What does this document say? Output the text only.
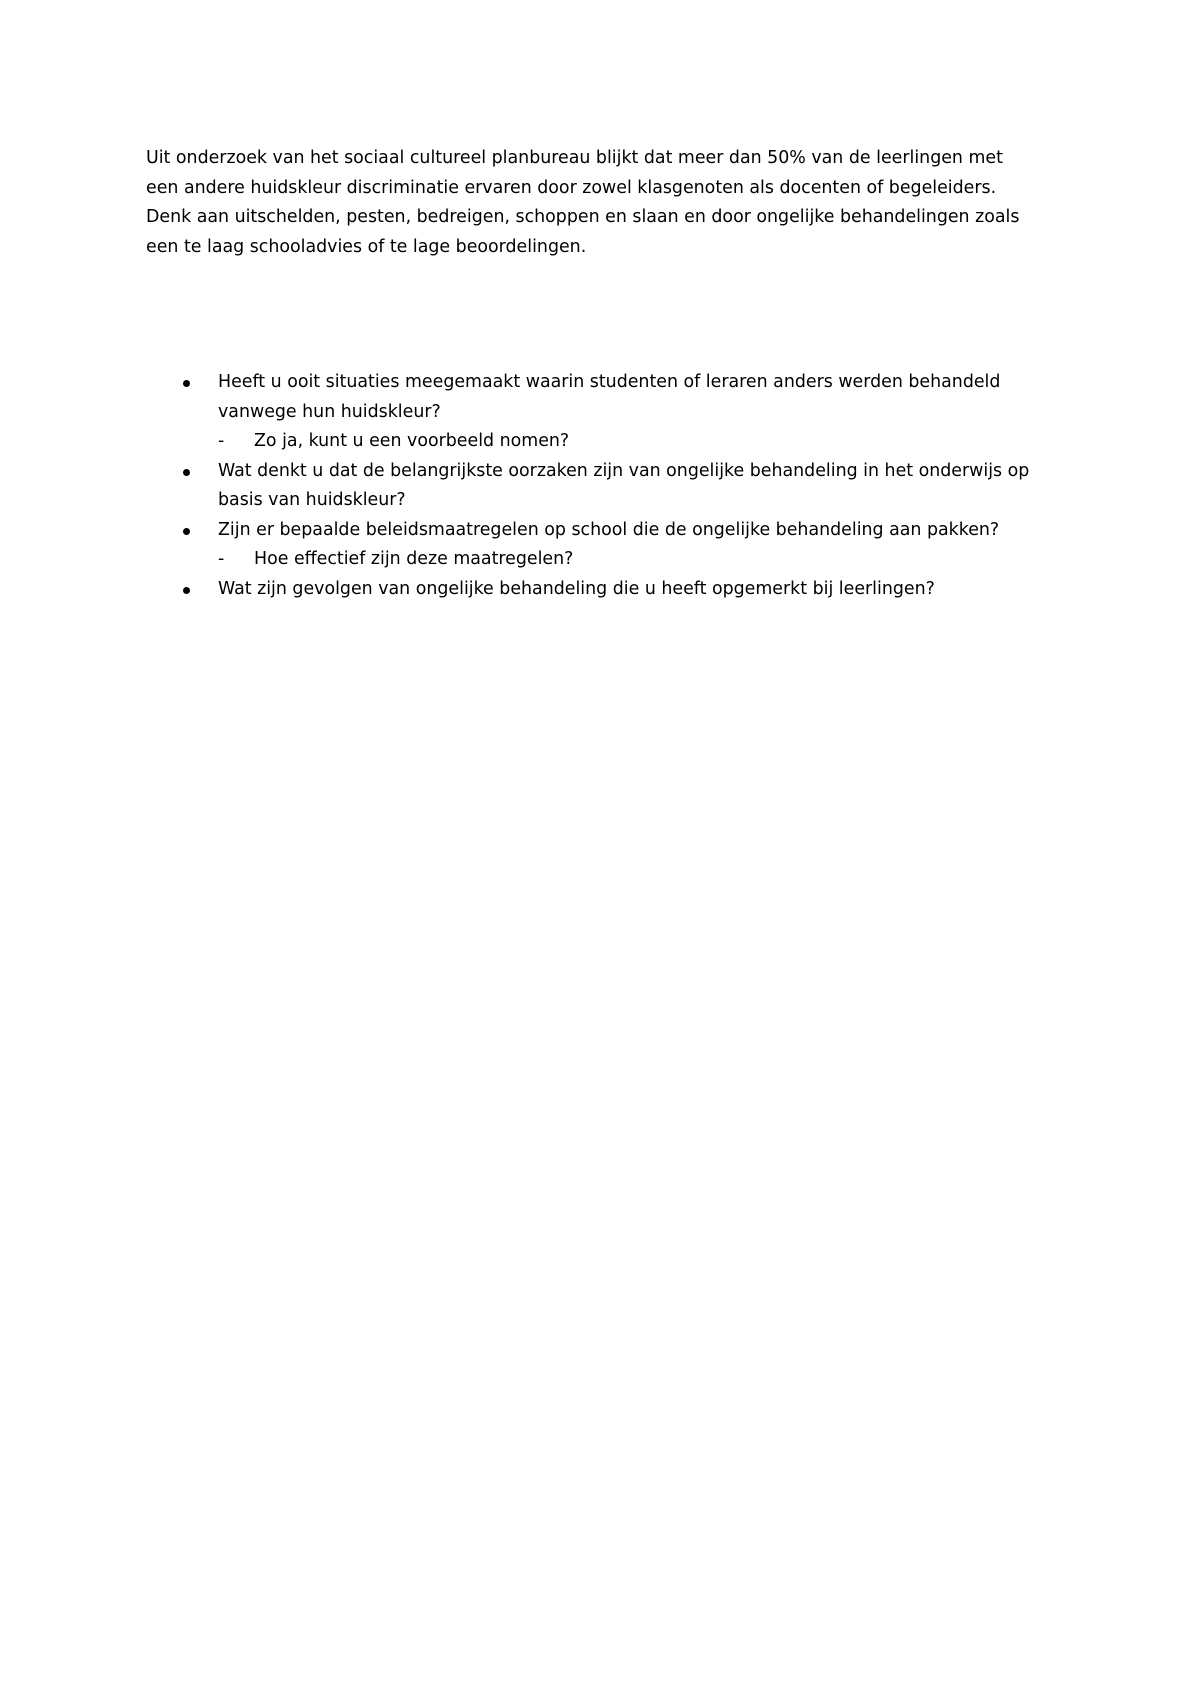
Uit onderzoek van het sociaal cultureel planbureau blijkt dat meer dan 50% van de leerlingen met
een andere huidskleur discriminatie ervaren door zowel klasgenoten als docenten of begeleiders.
Denk aan uitschelden, pesten, bedreigen, schoppen en slaan en door ongelijke behandelingen zoals
een te laag schooladvies of te lage beoordelingen.

Heeft u ooit situaties meegemaakt waarin studenten of leraren anders werden behandeld
vanwege hun huidskleur?
- Zo ja, kunt u een voorbeeld nomen?
Wat denkt u dat de belangrijkste oorzaken zijn van ongelijke behandeling in het onderwijs op
basis van huidskleur?
Zijn er bepaalde beleidsmaatregelen op school die de ongelijke behandeling aan pakken?
- Hoe effectief zijn deze maatregelen?
Wat zijn gevolgen van ongelijke behandeling die u heeft opgemerkt bij leerlingen?
